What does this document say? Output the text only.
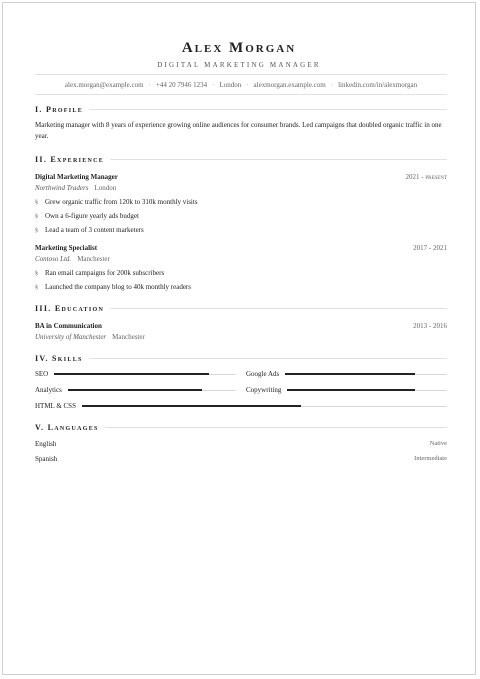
Alex Morgan
DIGITAL MARKETING MANAGER
alex.morgan@example.com · +44 20 7946 1234 · London · alexmorgan.example.com · linkedin.com/in/alexmorgan
I. Profile
Marketing manager with 8 years of experience growing online audiences for consumer brands. Led campaigns that doubled organic traffic in one year.
II. Experience
Digital Marketing Manager	2021 - present
Northwind Traders London
§ Grew organic traffic from 120k to 310k monthly visits
§ Own a 6-figure yearly ads budget
§ Lead a team of 3 content marketers
Marketing Specialist	2017 - 2021
Contoso Ltd. Manchester
§ Ran email campaigns for 200k subscribers
§ Launched the company blog to 40k monthly readers
III. Education
BA in Communication	2013 - 2016
University of Manchester Manchester
IV. Skills
SEO	Google Ads
Analytics	Copywriting
HTML & CSS
V. Languages
English	Native
Spanish	Intermediate
